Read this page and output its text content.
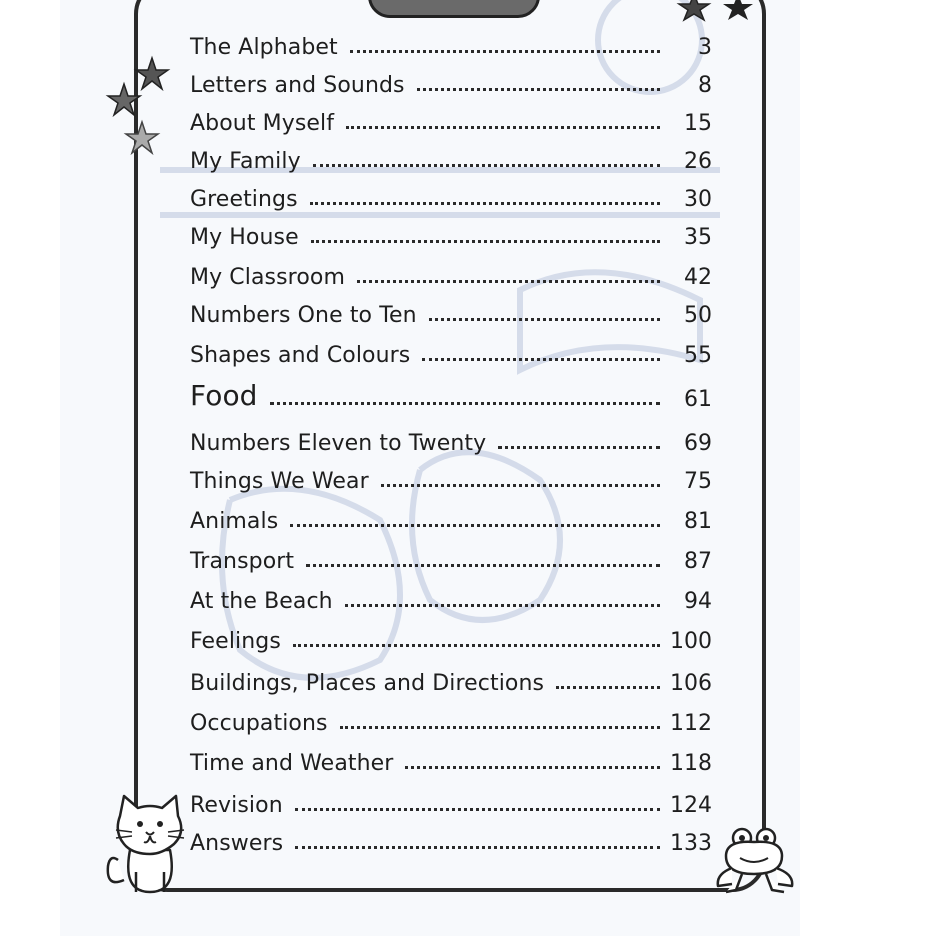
The Alphabet	3
Letters and Sounds	8
About Myself	15
My Family	26
Greetings	30
My House	35
My Classroom	42
Numbers One to Ten	50
Shapes and Colours	55
Food	61
Numbers Eleven to Twenty	69
Things We Wear	75
Animals	81
Transport	87
At the Beach	94
Feelings	100
Buildings, Places and Directions	106
Occupations	112
Time and Weather	118
Revision	124
Answers	133
